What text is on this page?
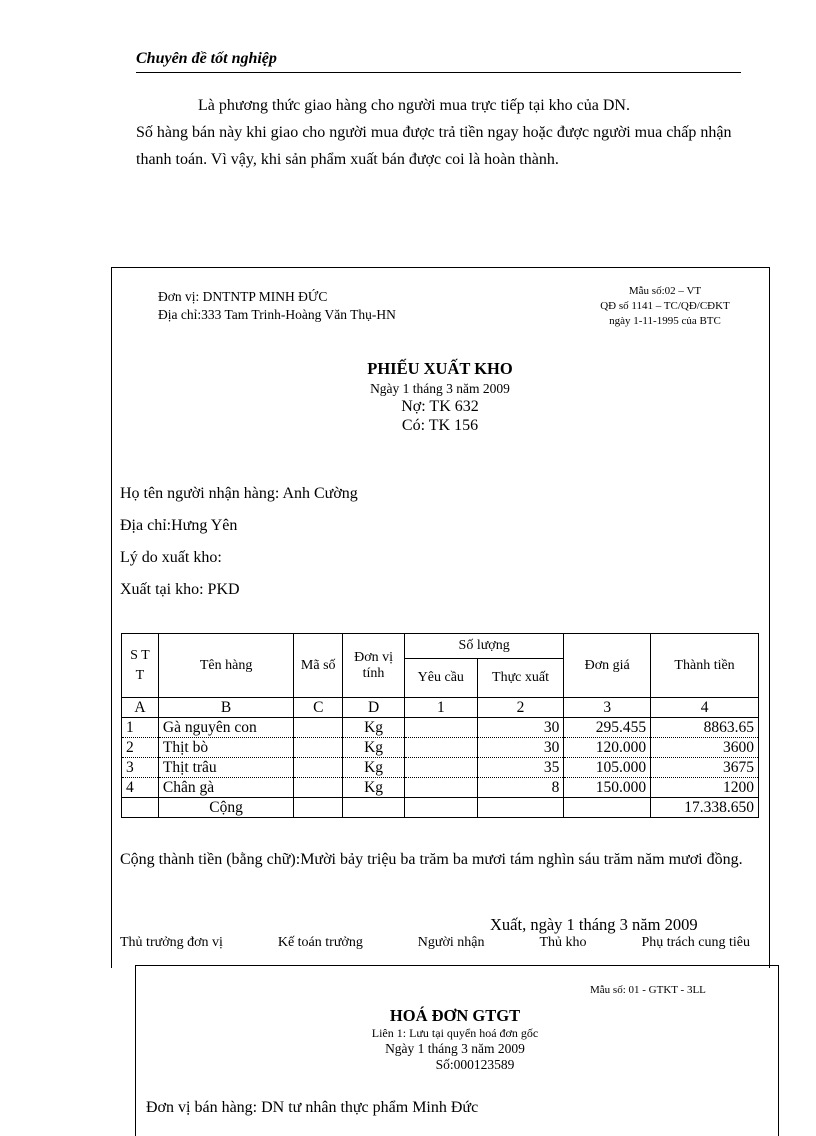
Chuyên đề tốt nghiệp

Là phương thức giao hàng cho người mua trực tiếp tại kho của DN.

Số hàng bán này khi giao cho người mua được trả tiền ngay hoặc được người mua chấp nhận thanh toán. Vì vậy, khi sản phẩm xuất bán được coi là hoàn thành.

Đơn vị: DNTNTP MINH ĐỨC
Địa chỉ:333 Tam Trinh-Hoàng Văn Thụ-HN
Mẫu số:02 – VT
QĐ số 1141 – TC/QĐ/CĐKT
ngày 1-11-1995 của BTC
PHIẾU XUẤT KHO
Ngày 1 tháng 3 năm 2009
Nợ: TK 632
Có: TK 156
Họ tên người nhận hàng: Anh Cường
Địa chỉ:Hưng Yên
Lý do xuất kho:
Xuất tại kho: PKD
S T T	Tên hàng	Mã số	Đơn vị tính	Số lượng		Đơn giá	Thành tiền
				Yêu cầu	Thực xuất		
A	B	C	D	1	2	3	4
1	Gà nguyên con		Kg		30	295.455	8863.65
2	Thịt bò		Kg		30	120.000	3600
3	Thịt trâu		Kg		35	105.000	3675
4	Chân gà		Kg		8	150.000	1200
	Cộng						17.338.650
Cộng thành tiền (bằng chữ):Mười bảy triệu ba trăm ba mươi tám nghìn sáu trăm năm mươi đồng.
Xuất, ngày 1 tháng 3 năm 2009
Thủ trưởng đơn vị	Kế toán trưởng	Người nhận	Thủ kho	Phụ trách cung tiêu
Mẫu số: 01 - GTKT - 3LL
HOÁ ĐƠN GTGT
Liên 1: Lưu tại quyển hoá đơn gốc
Ngày 1 tháng 3 năm 2009
Số:000123589
Đơn vị bán hàng: DN tư nhân thực phẩm Minh Đức
